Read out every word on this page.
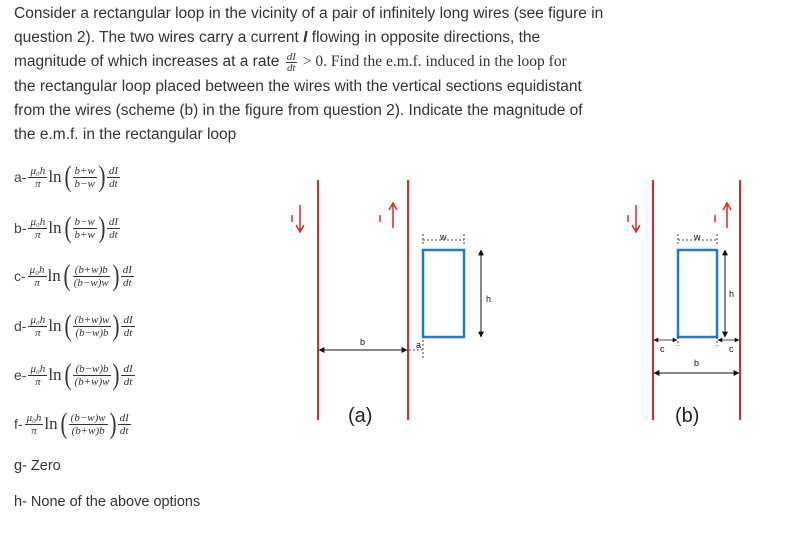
Consider a rectangular loop in the vicinity of a pair of infinitely long wires (see figure in
question 2). The two wires carry a current I flowing in opposite directions, the
magnitude of which increases at a rate $\frac{dI}{dt} > 0$. Find the e.m.f. induced in the loop for
the rectangular loop placed between the wires with the vertical sections equidistant
from the wires (scheme (b) in the figure from question 2). Indicate the magnitude of
the e.m.f. in the rectangular loop
$a- \frac{\text{μ₀h}}{\pi}$ ln ( $\frac{b+w}{b-w}$ ) $\frac{dI}{dt}$
$b- \frac{\text{μ₀h}}{\pi}$ ln ( $\frac{b-w}{b+w}$ ) $\frac{dI}{dt}$
$c- \frac{\text{μ₀h}}{\pi}$ ln ( $\frac{(b+w)b}{(b-w)w}$ ) $\frac{dI}{dt}$
$d- \frac{\text{μ₀h}}{\pi}$ ln ( $\frac{(b+w)w}{(b-w)b}$ ) $\frac{dI}{dt}$
$e- \frac{\text{μ₀h}}{\pi}$ ln ( $\frac{(b-w)b}{(b+w)w}$ ) $\frac{dI}{dt}$
$f- \frac{\text{μ₀h}}{\pi}$ ln ( $\frac{(b-w)w}{(b+w)b}$ ) $\frac{dI}{dt}$
g- Zero
h- None of the above options
w
h
b	a
(a)
w
h
c	c
b
(b)
